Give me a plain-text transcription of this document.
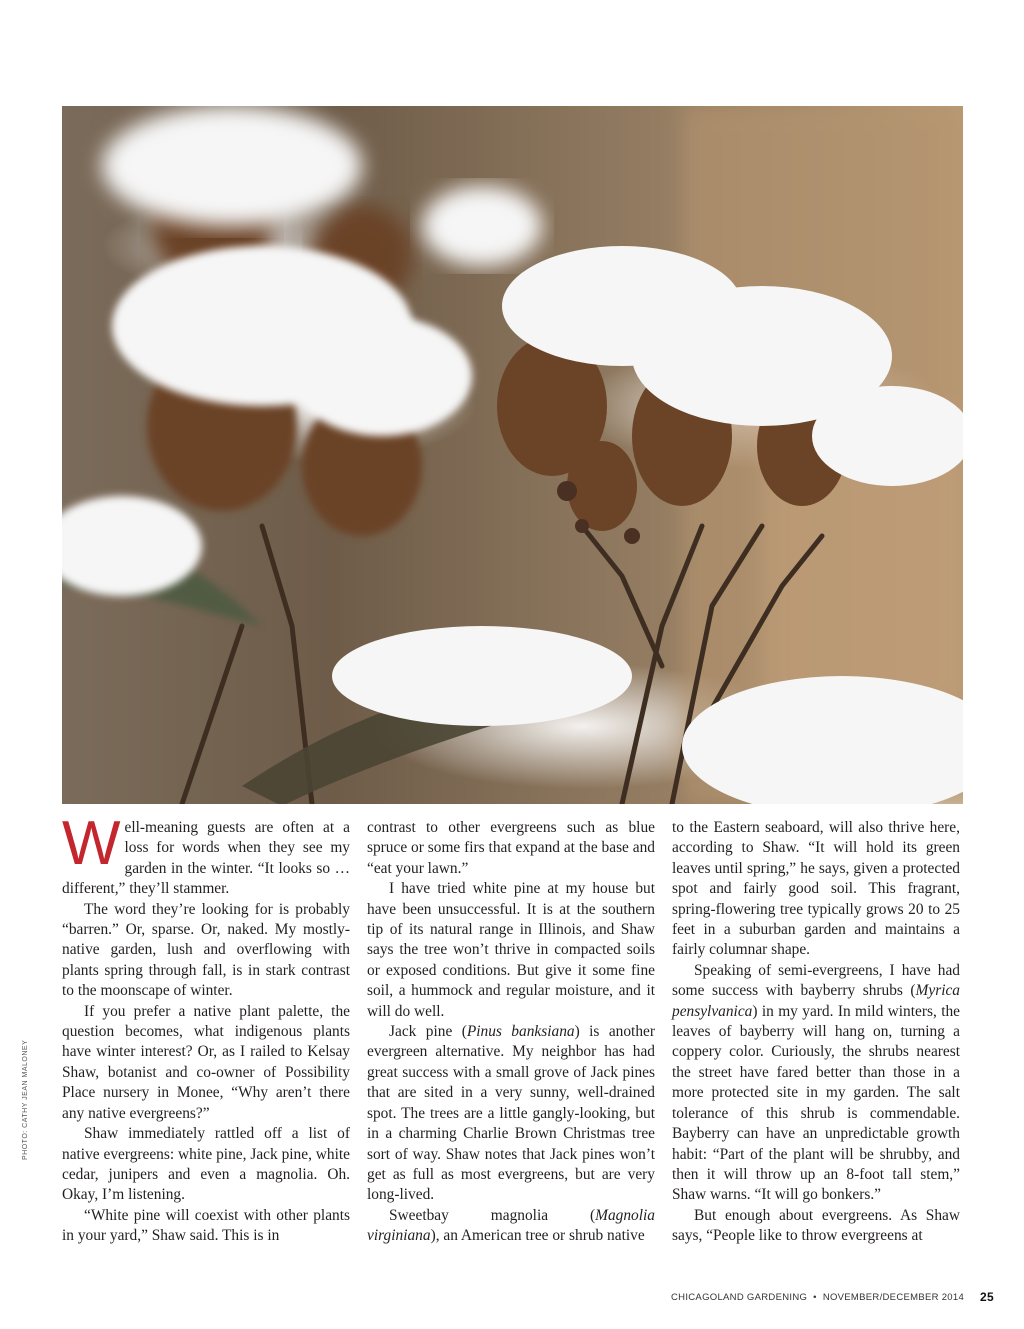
PHOTO: CATHY JEAN MALONEY

Well-meaning guests are often at a loss for words when they see my garden in the winter. “It looks so … different,” they’ll stammer.

The word they’re looking for is probably “barren.” Or, sparse. Or, naked. My mostly-native garden, lush and overflowing with plants spring through fall, is in stark contrast to the moonscape of winter.

If you prefer a native plant palette, the question becomes, what indigenous plants have winter interest? Or, as I railed to Kelsay Shaw, botanist and co-owner of Possibility Place nursery in Monee, “Why aren’t there any native evergreens?”

Shaw immediately rattled off a list of native evergreens: white pine, Jack pine, white cedar, junipers and even a magnolia. Oh. Okay, I’m listening.

“White pine will coexist with other plants in your yard,” Shaw said. This is in

contrast to other evergreens such as blue spruce or some firs that expand at the base and “eat your lawn.”

I have tried white pine at my house but have been unsuccessful. It is at the southern tip of its natural range in Illinois, and Shaw says the tree won’t thrive in compacted soils or exposed conditions. But give it some fine soil, a hummock and regular moisture, and it will do well.

Jack pine (Pinus banksiana) is another evergreen alternative. My neighbor has had great success with a small grove of Jack pines that are sited in a very sunny, well-drained spot. The trees are a little gangly-looking, but in a charming Charlie Brown Christmas tree sort of way. Shaw notes that Jack pines won’t get as full as most evergreens, but are very long-lived.

Sweetbay magnolia (Magnolia virginiana), an American tree or shrub native

to the Eastern seaboard, will also thrive here, according to Shaw. “It will hold its green leaves until spring,” he says, given a protected spot and fairly good soil. This fragrant, spring-flowering tree typically grows 20 to 25 feet in a suburban garden and maintains a fairly columnar shape.

Speaking of semi-evergreens, I have had some success with bayberry shrubs (Myrica pensylvanica) in my yard. In mild winters, the leaves of bayberry will hang on, turning a coppery color. Curiously, the shrubs nearest the street have fared better than those in a more protected site in my garden. The salt tolerance of this shrub is commendable. Bayberry can have an unpredictable growth habit: “Part of the plant will be shrubby, and then it will throw up an 8-foot tall stem,” Shaw warns. “It will go bonkers.”

But enough about evergreens. As Shaw says, “People like to throw evergreens at

CHICAGOLAND GARDENING • NOVEMBER/DECEMBER 2014 25
